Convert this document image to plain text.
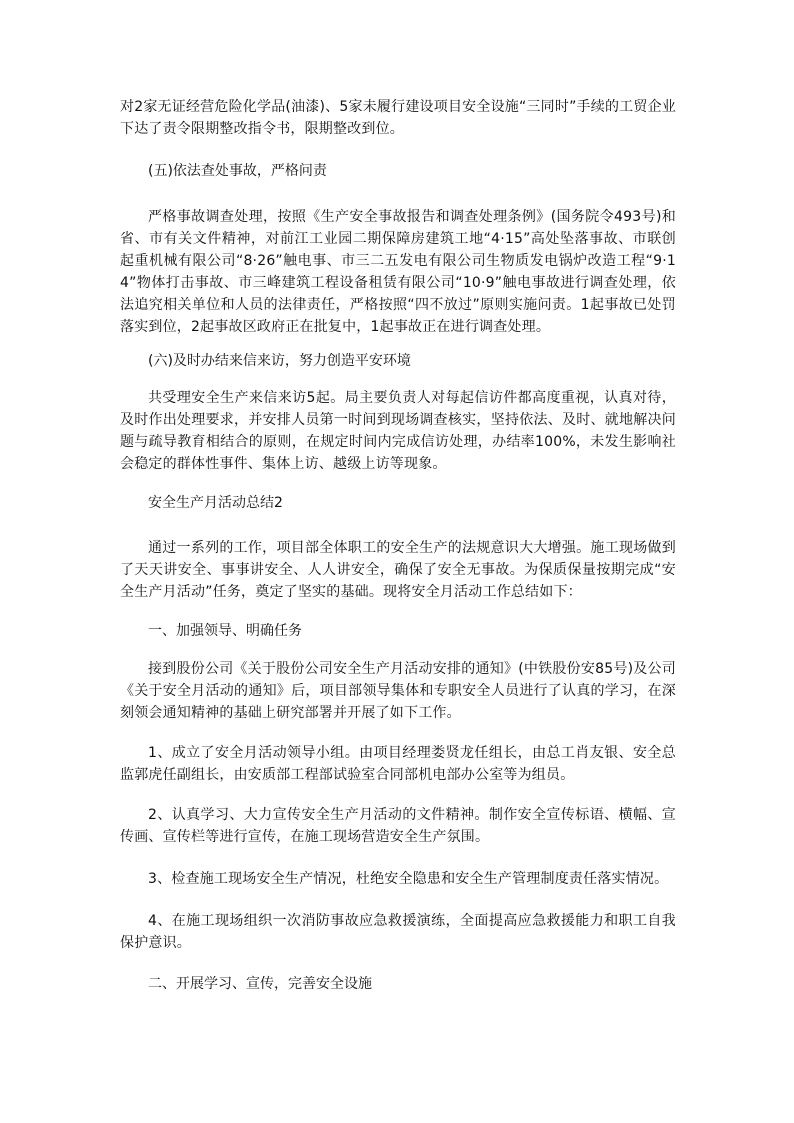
对2家无证经营危险化学品(油漆)、5家未履行建设项目安全设施“三同时”手续的工贸企业下达了责令限期整改指令书，限期整改到位。

(五)依法查处事故，严格问责

严格事故调查处理，按照《生产安全事故报告和调查处理条例》(国务院令493号)和省、市有关文件精神，对前江工业园二期保障房建筑工地“4·15”高处坠落事故、市联创起重机械有限公司“8·26”触电事、市三二五发电有限公司生物质发电锅炉改造工程“9·14”物体打击事故、市三峰建筑工程设备租赁有限公司“10·9”触电事故进行调查处理，依法追究相关单位和人员的法律责任，严格按照“四不放过”原则实施问责。1起事故已处罚落实到位，2起事故区政府正在批复中，1起事故正在进行调查处理。

(六)及时办结来信来访，努力创造平安环境

共受理安全生产来信来访5起。局主要负责人对每起信访件都高度重视，认真对待，及时作出处理要求，并安排人员第一时间到现场调查核实，坚持依法、及时、就地解决问题与疏导教育相结合的原则，在规定时间内完成信访处理，办结率100%，未发生影响社会稳定的群体性事件、集体上访、越级上访等现象。

安全生产月活动总结2

通过一系列的工作，项目部全体职工的安全生产的法规意识大大增强。施工现场做到了天天讲安全、事事讲安全、人人讲安全，确保了安全无事故。为保质保量按期完成“安全生产月活动”任务，奠定了坚实的基础。现将安全月活动工作总结如下：

一、加强领导、明确任务

接到股份公司《关于股份公司安全生产月活动安排的通知》(中铁股份安85号)及公司《关于安全月活动的通知》后，项目部领导集体和专职安全人员进行了认真的学习，在深刻领会通知精神的基础上研究部署并开展了如下工作。

1、成立了安全月活动领导小组。由项目经理娄贤龙任组长，由总工肖友银、安全总监郭虎任副组长，由安质部工程部试验室合同部机电部办公室等为组员。

2、认真学习、大力宣传安全生产月活动的文件精神。制作安全宣传标语、横幅、宣传画、宣传栏等进行宣传，在施工现场营造安全生产氛围。

3、检查施工现场安全生产情况，杜绝安全隐患和安全生产管理制度责任落实情况。

4、在施工现场组织一次消防事故应急救援演练，全面提高应急救援能力和职工自我保护意识。

二、开展学习、宣传，完善安全设施
